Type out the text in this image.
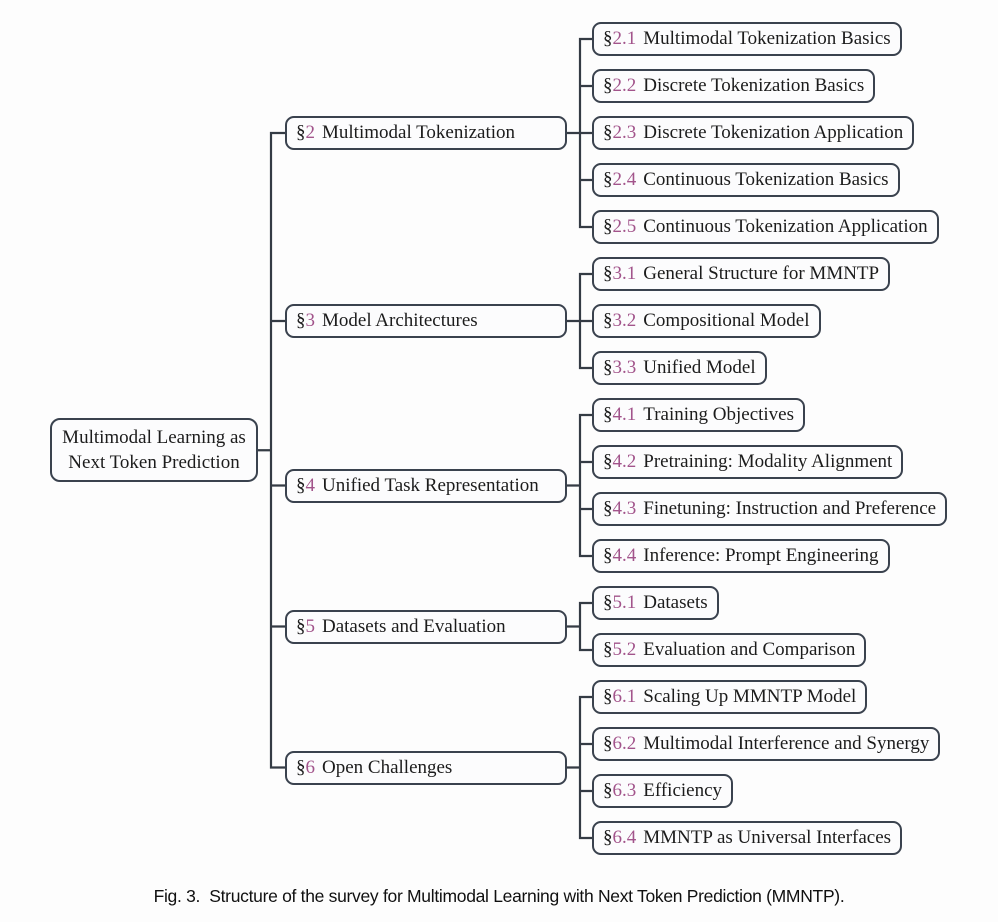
Multimodal Learning as
Next Token Prediction
§2 Multimodal Tokenization
§2.1 Multimodal Tokenization Basics
§2.2 Discrete Tokenization Basics
§2.3 Discrete Tokenization Application
§2.4 Continuous Tokenization Basics
§2.5 Continuous Tokenization Application
§3 Model Architectures
§3.1 General Structure for MMNTP
§3.2 Compositional Model
§3.3 Unified Model
§4 Unified Task Representation
§4.1 Training Objectives
§4.2 Pretraining: Modality Alignment
§4.3 Finetuning: Instruction and Preference
§4.4 Inference: Prompt Engineering
§5 Datasets and Evaluation
§5.1 Datasets
§5.2 Evaluation and Comparison
§6 Open Challenges
§6.1 Scaling Up MMNTP Model
§6.2 Multimodal Interference and Synergy
§6.3 Efficiency
§6.4 MMNTP as Universal Interfaces
Fig. 3.  Structure of the survey for Multimodal Learning with Next Token Prediction (MMNTP).
